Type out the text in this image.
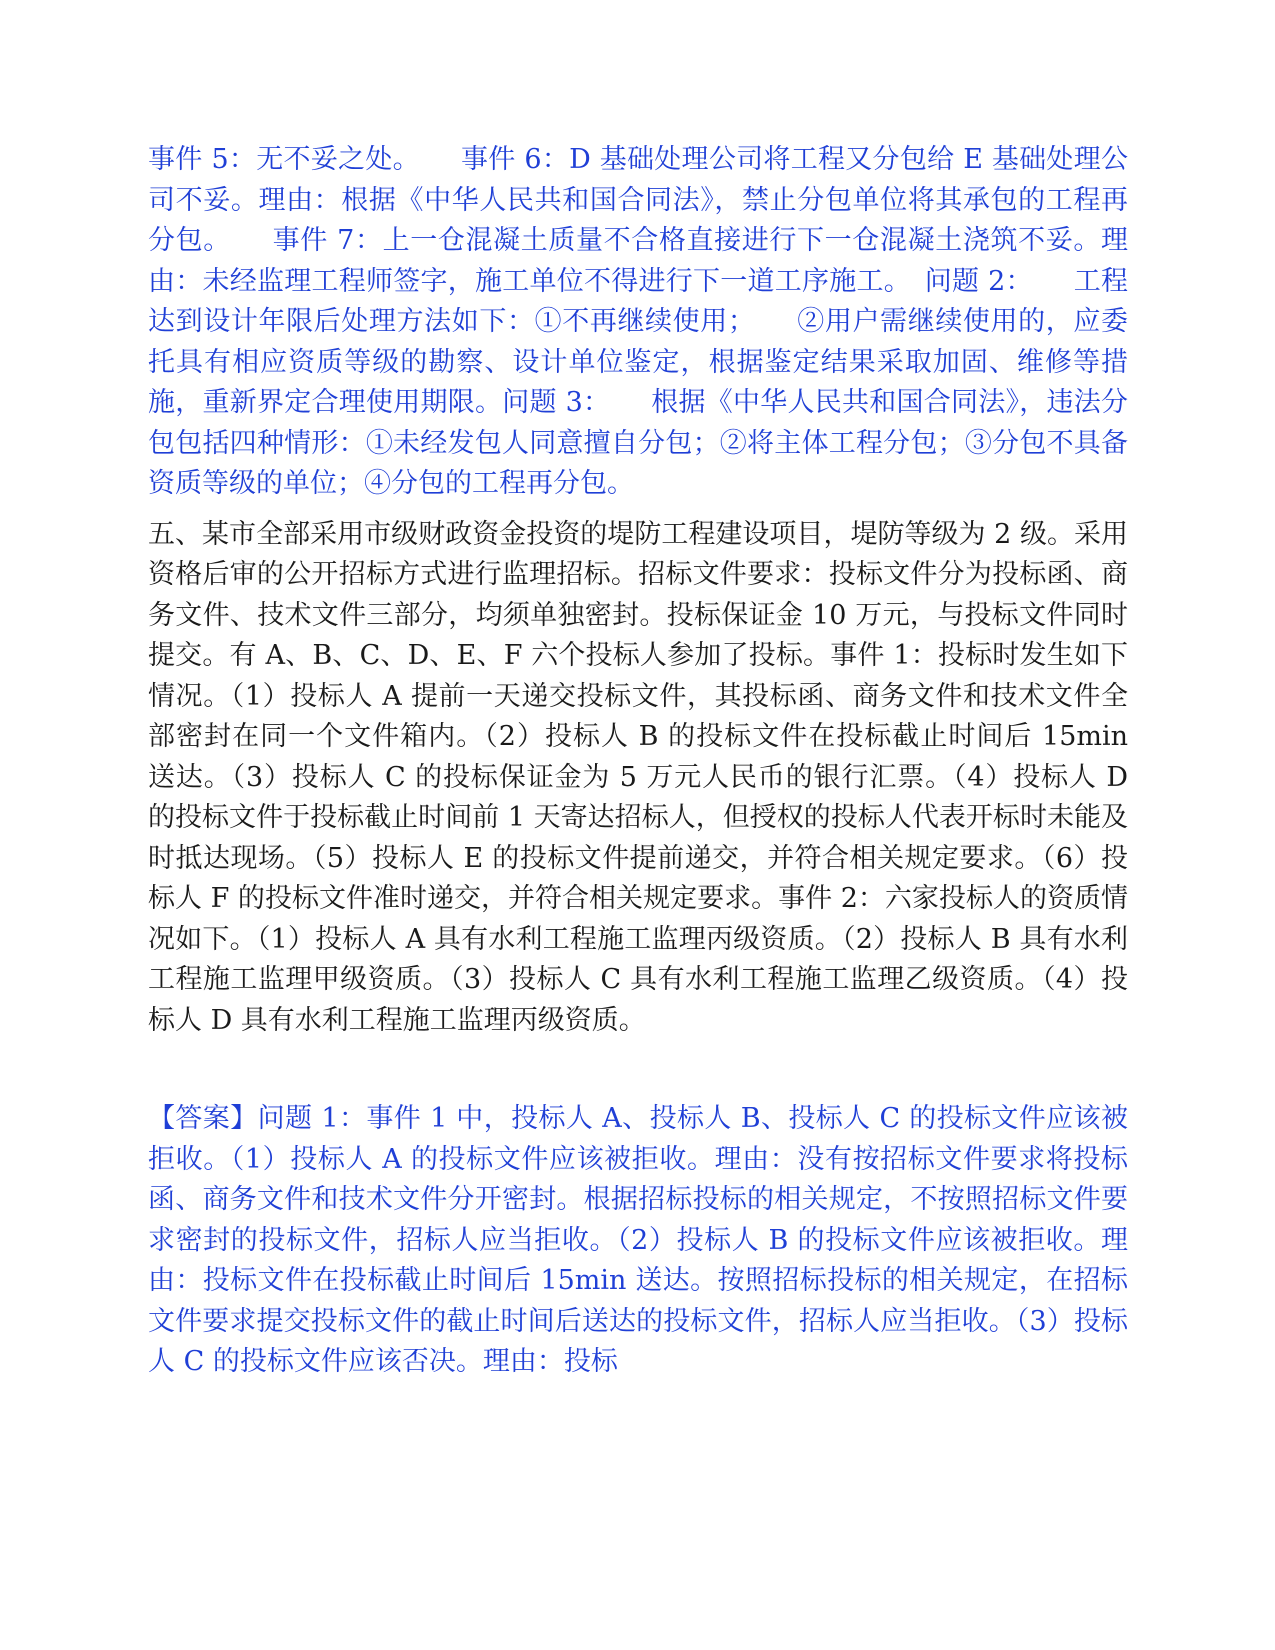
事件 5：无不妥之处。　　事件 6：D 基础处理公司将工程又分包给 E 基础处理公司不妥。理由：根据《中华人民共和国合同法》，禁止分包单位将其承包的工程再分包。　　事件 7：上一仓混凝土质量不合格直接进行下一仓混凝土浇筑不妥。理由：未经监理工程师签字，施工单位不得进行下一道工序施工。　问题 2：　　工程达到设计年限后处理方法如下：①不再继续使用；　　②用户需继续使用的，应委托具有相应资质等级的勘察、设计单位鉴定，根据鉴定结果采取加固、维修等措施，重新界定合理使用期限。问题 3：　　根据《中华人民共和国合同法》，违法分包包括四种情形：①未经发包人同意擅自分包；②将主体工程分包；③分包不具备资质等级的单位；④分包的工程再分包。

五、某市全部采用市级财政资金投资的堤防工程建设项目，堤防等级为 2 级。采用资格后审的公开招标方式进行监理招标。招标文件要求：投标文件分为投标函、商务文件、技术文件三部分，均须单独密封。投标保证金 10 万元，与投标文件同时提交。有 A、B、C、D、E、F 六个投标人参加了投标。事件 1：投标时发生如下情况。（1）投标人 A 提前一天递交投标文件，其投标函、商务文件和技术文件全部密封在同一个文件箱内。（2）投标人 B 的投标文件在投标截止时间后 15min 送达。（3）投标人 C 的投标保证金为 5 万元人民币的银行汇票。（4）投标人 D 的投标文件于投标截止时间前 1 天寄达招标人，但授权的投标人代表开标时未能及时抵达现场。（5）投标人 E 的投标文件提前递交，并符合相关规定要求。（6）投标人 F 的投标文件准时递交，并符合相关规定要求。事件 2：六家投标人的资质情况如下。（1）投标人 A 具有水利工程施工监理丙级资质。（2）投标人 B 具有水利工程施工监理甲级资质。（3）投标人 C 具有水利工程施工监理乙级资质。（4）投标人 D 具有水利工程施工监理丙级资质。

【答案】问题 1：事件 1 中，投标人 A、投标人 B、投标人 C 的投标文件应该被拒收。（1）投标人 A 的投标文件应该被拒收。理由：没有按招标文件要求将投标函、商务文件和技术文件分开密封。根据招标投标的相关规定，不按照招标文件要求密封的投标文件，招标人应当拒收。（2）投标人 B 的投标文件应该被拒收。理由：投标文件在投标截止时间后 15min 送达。按照招标投标的相关规定，在招标文件要求提交投标文件的截止时间后送达的投标文件，招标人应当拒收。（3）投标人 C 的投标文件应该否决。理由：投标
